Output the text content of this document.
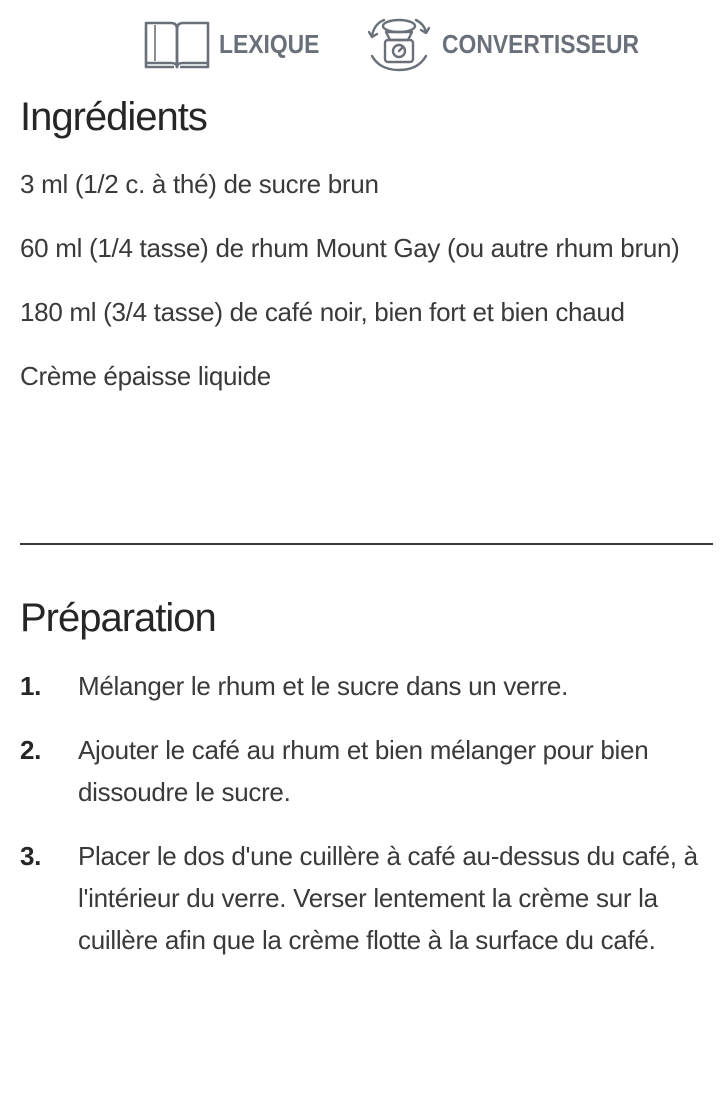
LEXIQUE	CONVERTISSEUR
Ingrédients
3 ml (1/2 c. à thé) de sucre brun
60 ml (1/4 tasse) de rhum Mount Gay (ou autre rhum brun)
180 ml (3/4 tasse) de café noir, bien fort et bien chaud
Crème épaisse liquide
Préparation
1.	Mélanger le rhum et le sucre dans un verre.
2.	Ajouter le café au rhum et bien mélanger pour bien dissoudre le sucre.
3.	Placer le dos d'une cuillère à café au-dessus du café, à l'intérieur du verre. Verser lentement la crème sur la cuillère afin que la crème flotte à la surface du café.
